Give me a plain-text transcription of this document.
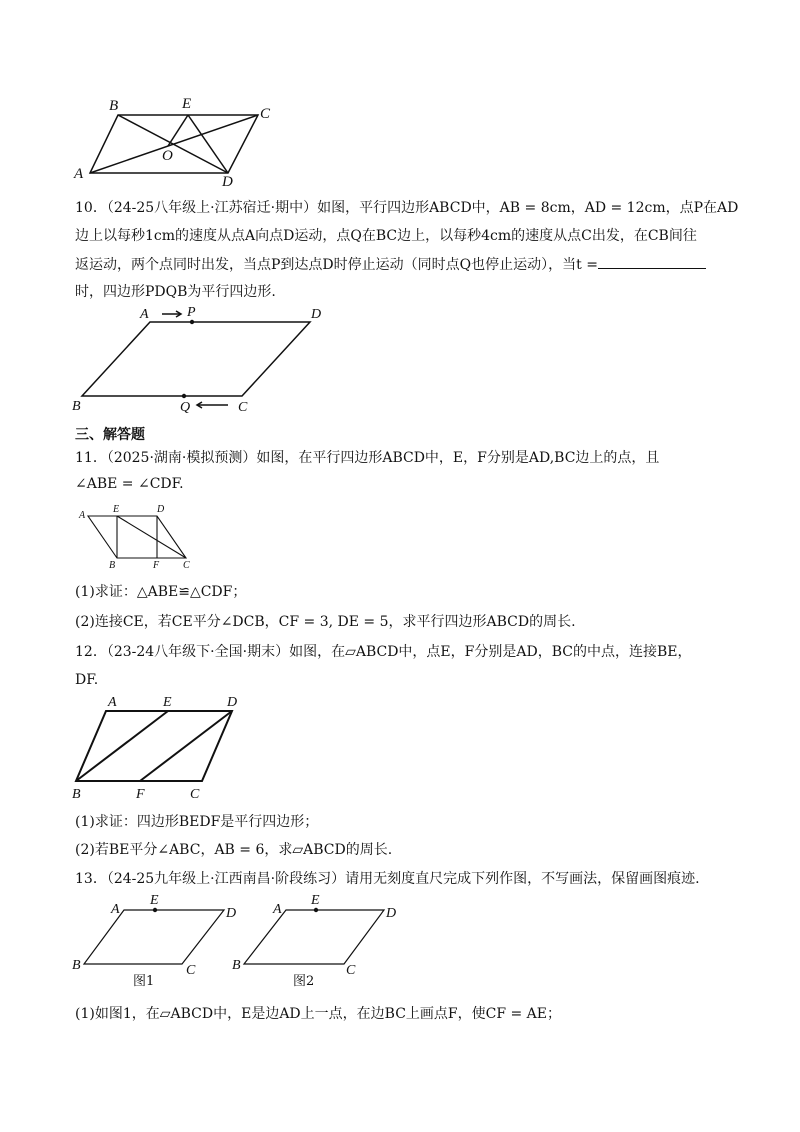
B	E
C
O
A	D
10．（24-25八年级上·江苏宿迁·期中）如图，平行四边形ABCD中，AB = 8cm，AD = 12cm，点P在AD
边上以每秒1cm的速度从点A向点D运动，点Q在BC边上，以每秒4cm的速度从点C出发，在CB间往
返运动，两个点同时出发，当点P到达点D时停止运动（同时点Q也停止运动），当t =
时，四边形PDQB为平行四边形.
A	P	D
B	Q	C
三、解答题
11．（2025·湖南·模拟预测）如图，在平行四边形ABCD中，E，F分别是AD,BC边上的点，且
∠ABE = ∠CDF.
A
E	D
B	F C
(1)求证：△ABE≌△CDF；
(2)连接CE，若CE平分∠DCB，CF = 3, DE = 5，求平行四边形ABCD的周长.
12．（23-24八年级下·全国·期末）如图，在▱ABCD中，点E，F分别是AD，BC的中点，连接BE，
DF.
A	E	D
B	F	C
(1)求证：四边形BEDF是平行四边形；
(2)若BE平分∠ABC，AB = 6，求▱ABCD的周长.
13．（24-25九年级上·江西南昌·阶段练习）请用无刻度直尺完成下列作图，不写画法，保留画图痕迹.
A
E
D
B	C
图1
A
E
D
B	C
图2
(1)如图1，在▱ABCD中，E是边AD上一点，在边BC上画点F，使CF = AE；
